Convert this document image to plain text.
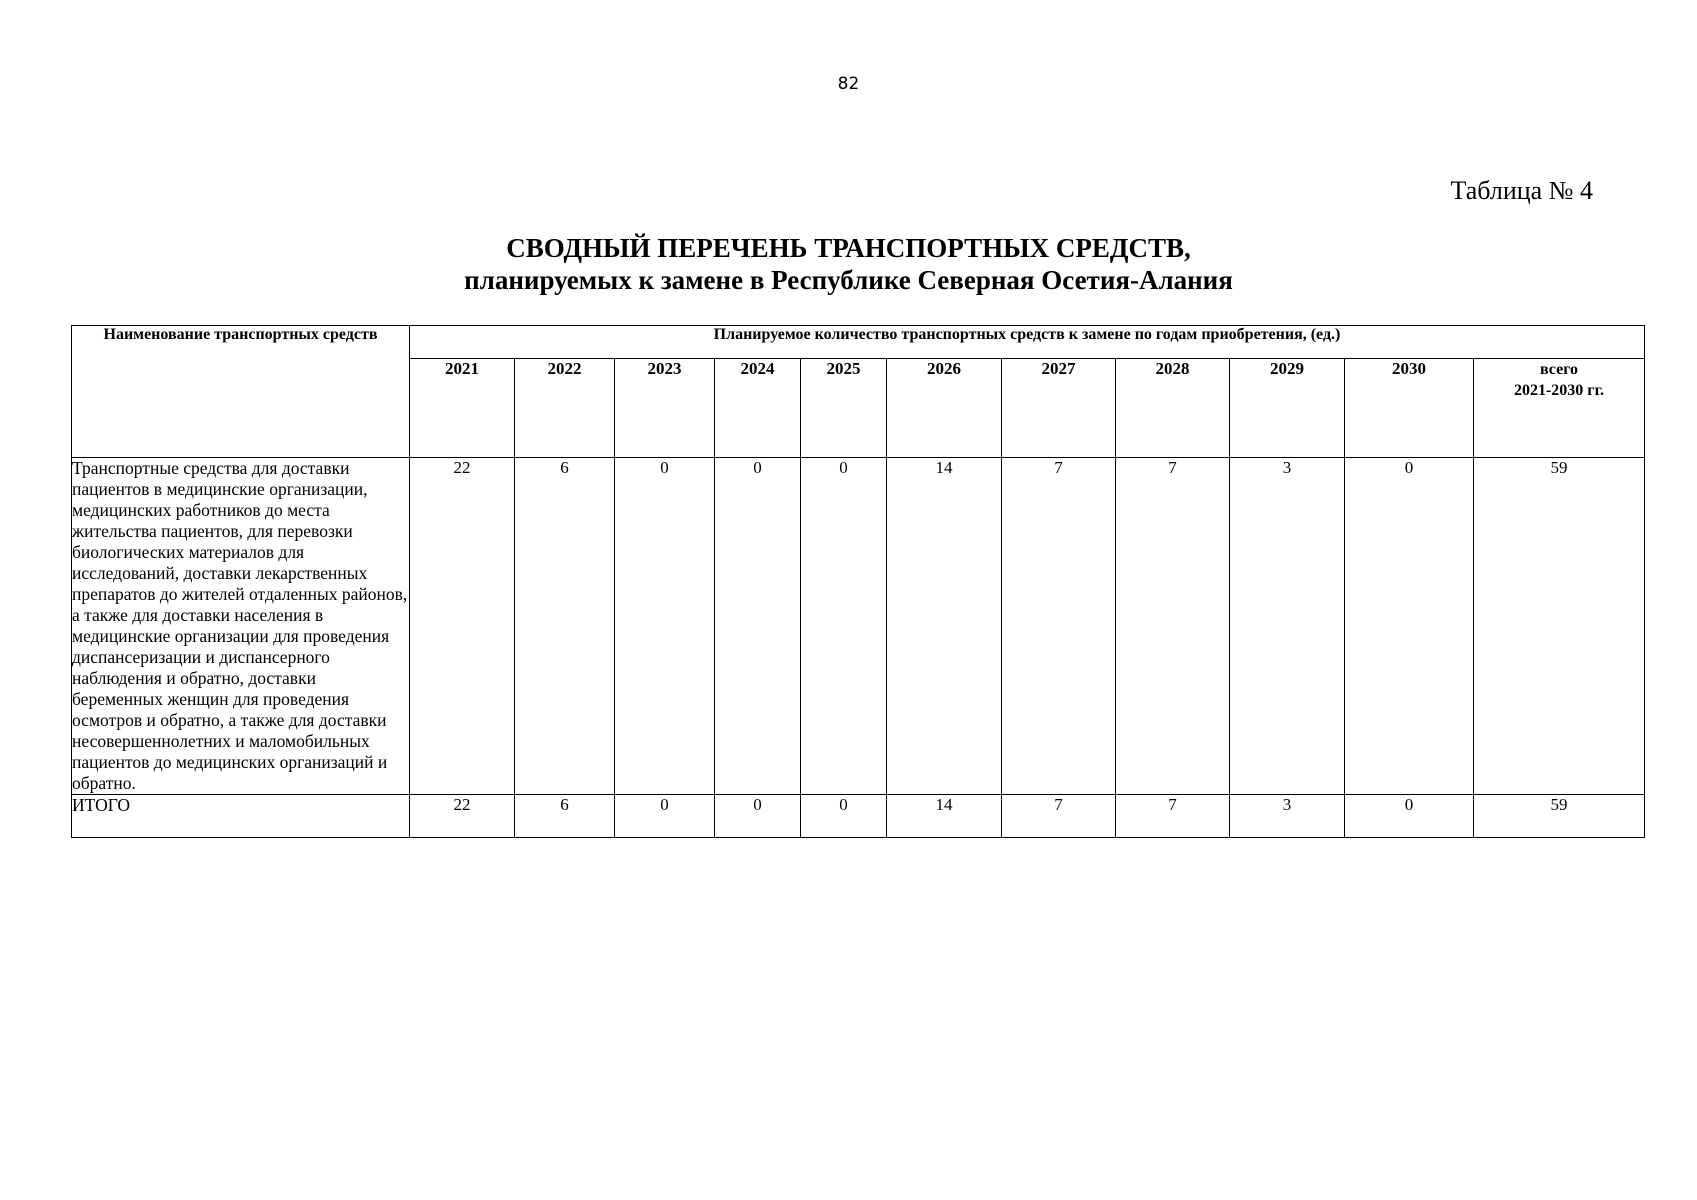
82
Таблица № 4
СВОДНЫЙ ПЕРЕЧЕНЬ ТРАНСПОРТНЫХ СРЕДСТВ,
планируемых к замене в Республике Северная Осетия-Алания
Наименование транспортных средств	Планируемое количество транспортных средств к замене по годам приобретения, (ед.)										
	2021	2022	2023	2024	2025	2026	2027	2028	2029	2030	всего
2021-2030 гг.

Транспортные средства для доставки пациентов в медицинские организации, медицинских работников до места жительства пациентов, для перевозки биологических материалов для исследований, доставки лекарственных препаратов до жителей отдаленных районов, а также для доставки населения в медицинские организации для проведения диспансеризации и диспансерного наблюдения и обратно, доставки беременных женщин для проведения осмотров и обратно, а также для доставки несовершеннолетних и маломобильных пациентов до медицинских организаций и обратно.	22	6	0	0	0	14	7	7	3	0	59
ИТОГО	22	6	0	0	0	14	7	7	3	0	59
